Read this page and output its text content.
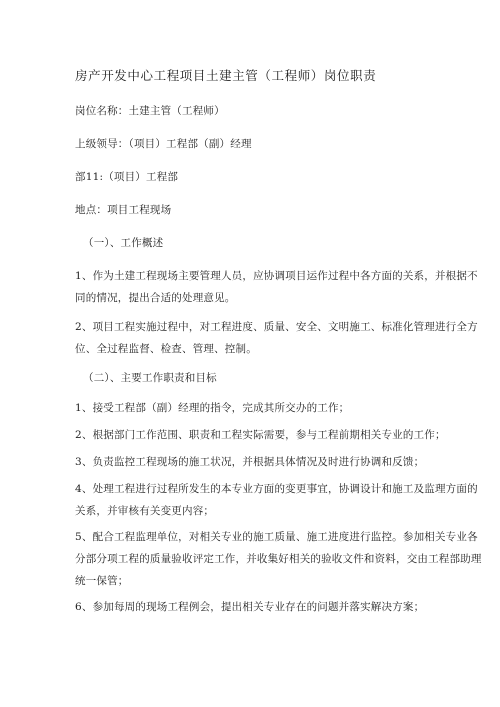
房产开发中心工程项目土建主管（工程师）岗位职责
岗位名称：土建主管（工程师）
上级领导：（项目）工程部（副）经理
部11:（项目）工程部
地点：项目工程现场
（一）、工作概述
1、作为土建工程现场主要管理人员，应协调项目运作过程中各方面的关系，并根据不
同的情况，提出合适的处理意见。
2、项目工程实施过程中，对工程进度、质量、安全、文明施工、标准化管理进行全方
位、全过程监督、检查、管理、控制。
（二）、主要工作职责和目标
1、接受工程部（副）经理的指令，完成其所交办的工作；
2、根据部门工作范围、职责和工程实际需要，参与工程前期相关专业的工作；
3、负责监控工程现场的施工状况，并根据具体情况及时进行协调和反馈；
4、处理工程进行过程所发生的本专业方面的变更事宜，协调设计和施工及监理方面的
关系，并审核有关变更内容；
5、配合工程监理单位，对相关专业的施工质量、施工进度进行监控。参加相关专业各
分部分项工程的质量验收评定工作，并收集好相关的验收文件和资料，交由工程部助理
统一保管；
6、参加每周的现场工程例会，提出相关专业存在的问题并落实解决方案；
